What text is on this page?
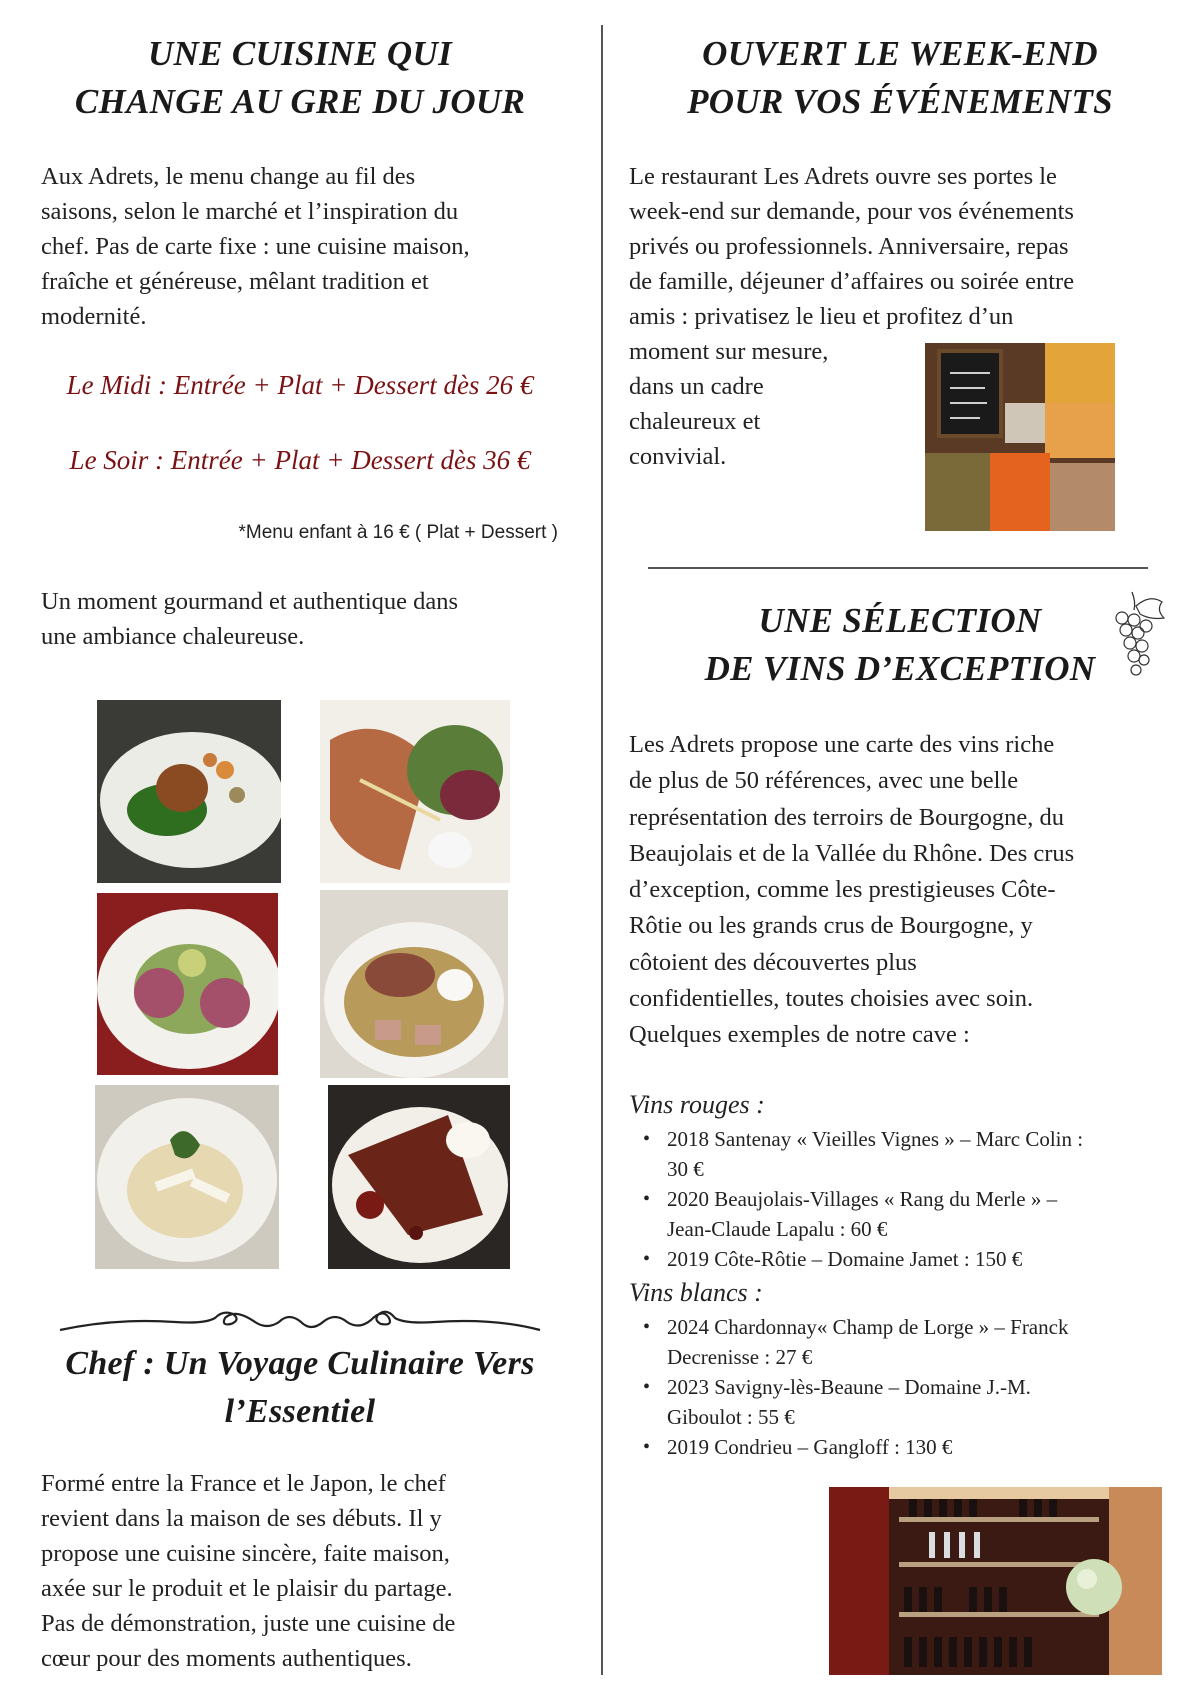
UNE CUISINE QUI
CHANGE AU GRE DU JOUR
Aux Adrets, le menu change au fil des
saisons, selon le marché et l’inspiration du
chef. Pas de carte fixe : une cuisine maison,
fraîche et généreuse, mêlant tradition et
modernité.
Le Midi : Entrée + Plat + Dessert dès 26 €
Le Soir : Entrée + Plat + Dessert dès 36 €
*Menu enfant à 16 € ( Plat + Dessert )
Un moment gourmand et authentique dans
une ambiance chaleureuse.
Chef : Un Voyage Culinaire Vers
l’Essentiel
Formé entre la France et le Japon, le chef
revient dans la maison de ses débuts. Il y
propose une cuisine sincère, faite maison,
axée sur le produit et le plaisir du partage.
Pas de démonstration, juste une cuisine de
cœur pour des moments authentiques.
OUVERT LE WEEK-END
POUR VOS ÉVÉNEMENTS
Le restaurant Les Adrets ouvre ses portes le
week-end sur demande, pour vos événements
privés ou professionnels. Anniversaire, repas
de famille, déjeuner d’affaires ou soirée entre
amis : privatisez le lieu et profitez d’un
moment sur mesure,
dans un cadre
chaleureux et
convivial.
UNE SÉLECTION
DE VINS D’EXCEPTION
Les Adrets propose une carte des vins riche
de plus de 50 références, avec une belle
représentation des terroirs de Bourgogne, du
Beaujolais et de la Vallée du Rhône. Des crus
d’exception, comme les prestigieuses Côte-
Rôtie ou les grands crus de Bourgogne, y
côtoient des découvertes plus
confidentielles, toutes choisies avec soin.
Quelques exemples de notre cave :
Vins rouges :
• 2018 Santenay « Vieilles Vignes » – Marc Colin :
30 €
• 2020 Beaujolais-Villages « Rang du Merle » –
Jean-Claude Lapalu : 60 €
• 2019 Côte-Rôtie – Domaine Jamet : 150 €
Vins blancs :
• 2024 Chardonnay« Champ de Lorge » – Franck
Decrenisse : 27 €
• 2023 Savigny-lès-Beaune – Domaine J.-M.
Giboulot : 55 €
• 2019 Condrieu – Gangloff : 130 €
